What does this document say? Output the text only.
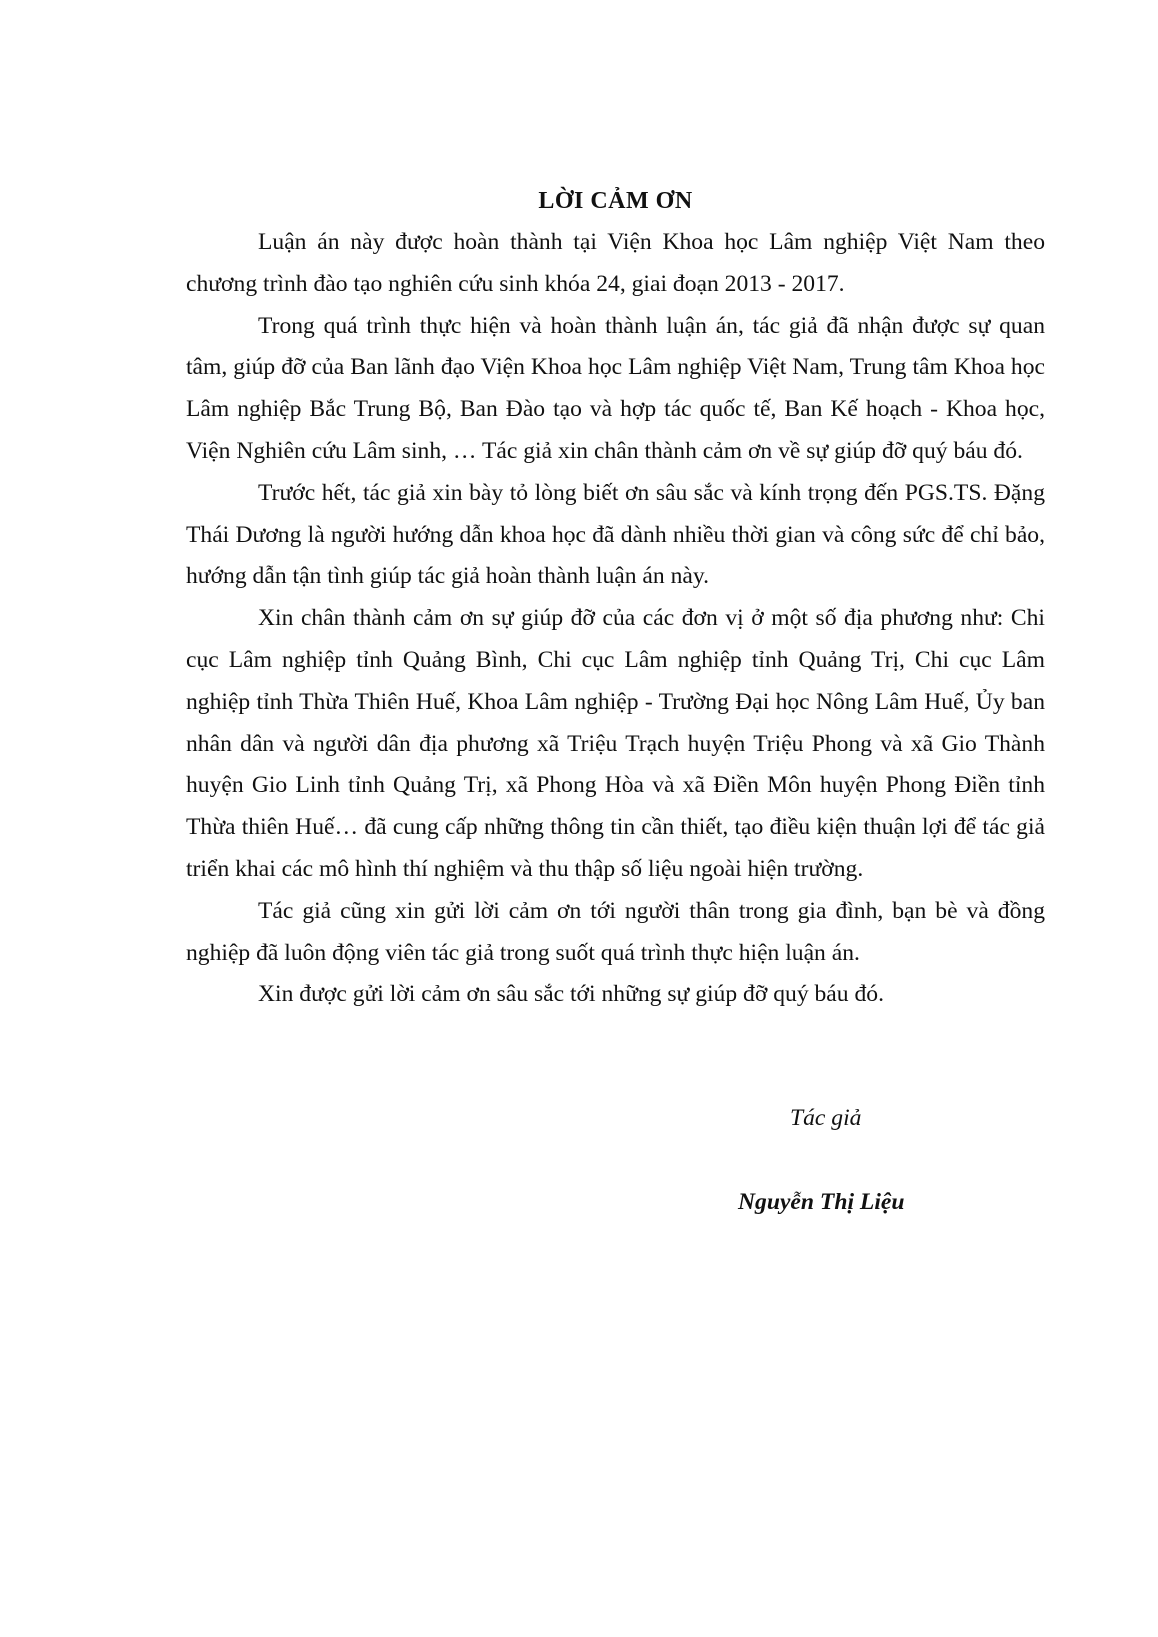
LỜI CẢM ƠN

Luận án này được hoàn thành tại Viện Khoa học Lâm nghiệp Việt Nam theo chương trình đào tạo nghiên cứu sinh khóa 24, giai đoạn 2013 - 2017.

Trong quá trình thực hiện và hoàn thành luận án, tác giả đã nhận được sự quan tâm, giúp đỡ của Ban lãnh đạo Viện Khoa học Lâm nghiệp Việt Nam, Trung tâm Khoa học Lâm nghiệp Bắc Trung Bộ, Ban Đào tạo và hợp tác quốc tế, Ban Kế hoạch - Khoa học, Viện Nghiên cứu Lâm sinh, … Tác giả xin chân thành cảm ơn về sự giúp đỡ quý báu đó.

Trước hết, tác giả xin bày tỏ lòng biết ơn sâu sắc và kính trọng đến PGS.TS. Đặng Thái Dương là người hướng dẫn khoa học đã dành nhiều thời gian và công sức để chỉ bảo, hướng dẫn tận tình giúp tác giả hoàn thành luận án này.

Xin chân thành cảm ơn sự giúp đỡ của các đơn vị ở một số địa phương như: Chi cục Lâm nghiệp tỉnh Quảng Bình, Chi cục Lâm nghiệp tỉnh Quảng Trị, Chi cục Lâm nghiệp tỉnh Thừa Thiên Huế, Khoa Lâm nghiệp - Trường Đại học Nông Lâm Huế, Ủy ban nhân dân và người dân địa phương xã Triệu Trạch huyện Triệu Phong và xã Gio Thành huyện Gio Linh tỉnh Quảng Trị, xã Phong Hòa và xã Điền Môn huyện Phong Điền tỉnh Thừa thiên Huế… đã cung cấp những thông tin cần thiết, tạo điều kiện thuận lợi để tác giả triển khai các mô hình thí nghiệm và thu thập số liệu ngoài hiện trường.

Tác giả cũng xin gửi lời cảm ơn tới người thân trong gia đình, bạn bè và đồng nghiệp đã luôn động viên tác giả trong suốt quá trình thực hiện luận án.

Xin được gửi lời cảm ơn sâu sắc tới những sự giúp đỡ quý báu đó.

Tác giả
Nguyễn Thị Liệu
